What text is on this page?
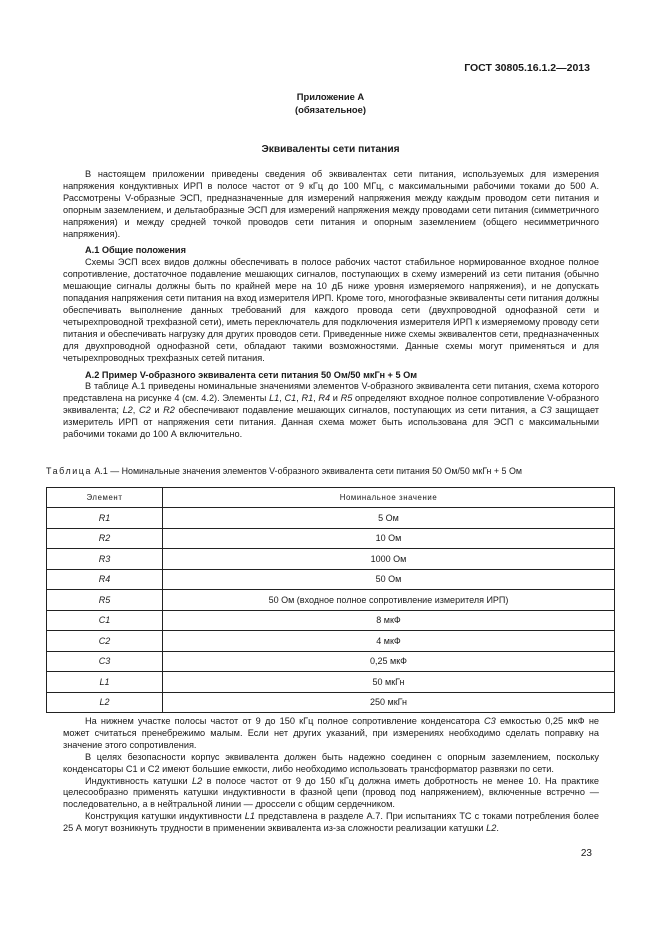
ГОСТ 30805.16.1.2—2013
Приложение А
(обязательное)
Эквиваленты сети питания

В настоящем приложении приведены сведения об эквивалентах сети питания, используемых для измерения напряжения кондуктивных ИРП в полосе частот от 9 кГц до 100 МГц, с максимальными рабочими токами до 500 А. Рассмотрены V-образные ЭСП, предназначенные для измерений напряжения между каждым проводом сети питания и опорным заземлением, и дельтаобразные ЭСП для измерений напряжения между проводами сети питания (симметричного напряжения) и между средней точкой проводов сети питания и опорным заземлением (общего несимметричного напряжения).

А.1 Общие положения

Схемы ЭСП всех видов должны обеспечивать в полосе рабочих частот стабильное нормированное входное полное сопротивление, достаточное подавление мешающих сигналов, поступающих в схему измерений из сети питания (обычно мешающие сигналы должны быть по крайней мере на 10 дБ ниже уровня измеряемого напряжения), и не допускать попадания напряжения сети питания на вход измерителя ИРП. Кроме того, многофазные эквиваленты сети питания должны обеспечивать выполнение данных требований для каждого провода сети (двухпроводной однофазной сети и четырехпроводной трехфазной сети), иметь переключатель для подключения измерителя ИРП к измеряемому проводу сети питания и обеспечивать нагрузку для других проводов сети. Приведенные ниже схемы эквивалентов сети, предназначенных для двухпроводной однофазной сети, обладают такими возможностями. Данные схемы могут применяться и для четырехпроводных трехфазных сетей питания.

А.2 Пример V-образного эквивалента сети питания 50 Ом/50 мкГн + 5 Ом

В таблице А.1 приведены номинальные значениями элементов V-образного эквивалента сети питания, схема которого представлена на рисунке 4 (см. 4.2). Элементы L1, C1, R1, R4 и R5 определяют входное полное сопротивление V-образного эквивалента; L2, C2 и R2 обеспечивают подавление мешающих сигналов, поступающих из сети питания, а C3 защищает измеритель ИРП от напряжения сети питания. Данная схема может быть использована для ЭСП с максимальными рабочими токами до 100 А включительно.

Таблица А.1 — Номинальные значения элементов V-образного эквивалента сети питания 50 Ом/50 мкГн + 5 Ом
Элемент	Номинальное значение
R1	5 Ом
R2	10 Ом
R3	1000 Ом
R4	50 Ом
R5	50 Ом (входное полное сопротивление измерителя ИРП)
C1	8 мкФ
C2	4 мкФ
C3	0,25 мкФ
L1	50 мкГн
L2	250 мкГн

На нижнем участке полосы частот от 9 до 150 кГц полное сопротивление конденсатора C3 емкостью 0,25 мкФ не может считаться пренебрежимо малым. Если нет других указаний, при измерениях необходимо сделать поправку на значение этого сопротивления.

В целях безопасности корпус эквивалента должен быть надежно соединен с опорным заземлением, поскольку конденсаторы С1 и С2 имеют большие емкости, либо необходимо использовать трансформатор развязки по сети.

Индуктивность катушки L2 в полосе частот от 9 до 150 кГц должна иметь добротность не менее 10. На практике целесообразно применять катушки индуктивности в фазной цепи (провод под напряжением), включенные встречно — последовательно, а в нейтральной линии — дроссели с общим сердечником.

Конструкция катушки индуктивности L1 представлена в разделе А.7. При испытаниях ТС с токами потребления более 25 А могут возникнуть трудности в применении эквивалента из-за сложности реализации катушки L2.

23
